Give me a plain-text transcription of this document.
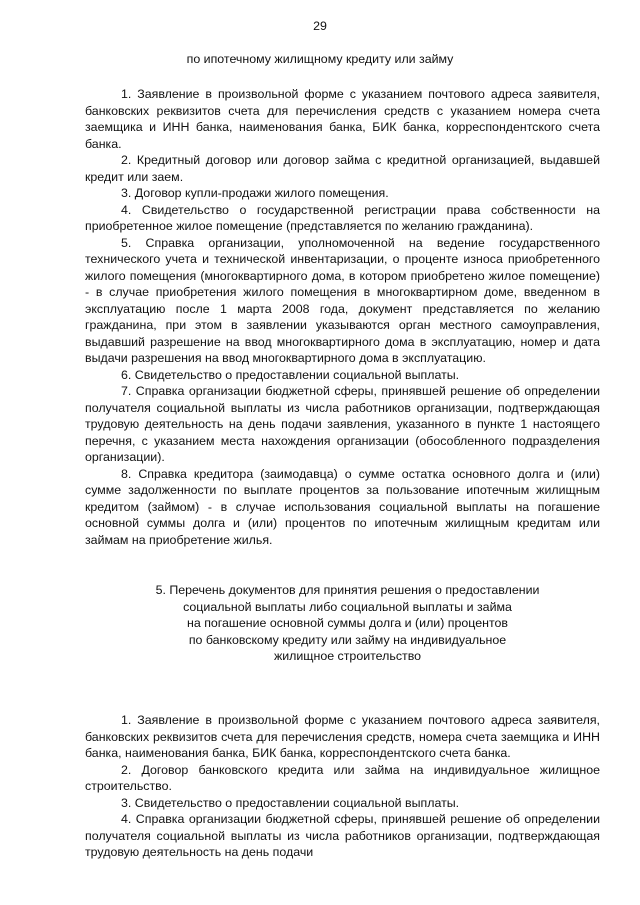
29
по ипотечному жилищному кредиту или займу

1. Заявление в произвольной форме с указанием почтового адреса заявителя, банковских реквизитов счета для перечисления средств с указанием номера счета заемщика и ИНН банка, наименования банка, БИК банка, корреспондентского счета банка.

2. Кредитный договор или договор займа с кредитной организацией, выдавшей кредит или заем.

3. Договор купли-продажи жилого помещения.

4. Свидетельство о государственной регистрации права собственности на приобретенное жилое помещение (представляется по желанию гражданина).

5. Справка организации, уполномоченной на ведение государственного технического учета и технической инвентаризации, о проценте износа приобретенного жилого помещения (многоквартирного дома, в котором приобретено жилое помещение) - в случае приобретения жилого помещения в многоквартирном доме, введенном в эксплуатацию после 1 марта 2008 года, документ представляется по желанию гражданина, при этом в заявлении указываются орган местного самоуправления, выдавший разрешение на ввод многоквартирного дома в эксплуатацию, номер и дата выдачи разрешения на ввод многоквартирного дома в эксплуатацию.

6. Свидетельство о предоставлении социальной выплаты.

7. Справка организации бюджетной сферы, принявшей решение об определении получателя социальной выплаты из числа работников организации, подтверждающая трудовую деятельность на день подачи заявления, указанного в пункте 1 настоящего перечня, с указанием места нахождения организации (обособленного подразделения организации).

8. Справка кредитора (заимодавца) о сумме остатка основного долга и (или) сумме задолженности по выплате процентов за пользование ипотечным жилищным кредитом (займом) - в случае использования социальной выплаты на погашение основной суммы долга и (или) процентов по ипотечным жилищным кредитам или займам на приобретение жилья.

5. Перечень документов для принятия решения о предоставлении
социальной выплаты либо социальной выплаты и займа
на погашение основной суммы долга и (или) процентов
по банковскому кредиту или займу на индивидуальное
жилищное строительство

1. Заявление в произвольной форме с указанием почтового адреса заявителя, банковских реквизитов счета для перечисления средств, номера счета заемщика и ИНН банка, наименования банка, БИК банка, корреспондентского счета банка.

2. Договор банковского кредита или займа на индивидуальное жилищное строительство.

3. Свидетельство о предоставлении социальной выплаты.

4. Справка организации бюджетной сферы, принявшей решение об определении получателя социальной выплаты из числа работников организации, подтверждающая трудовую деятельность на день подачи
